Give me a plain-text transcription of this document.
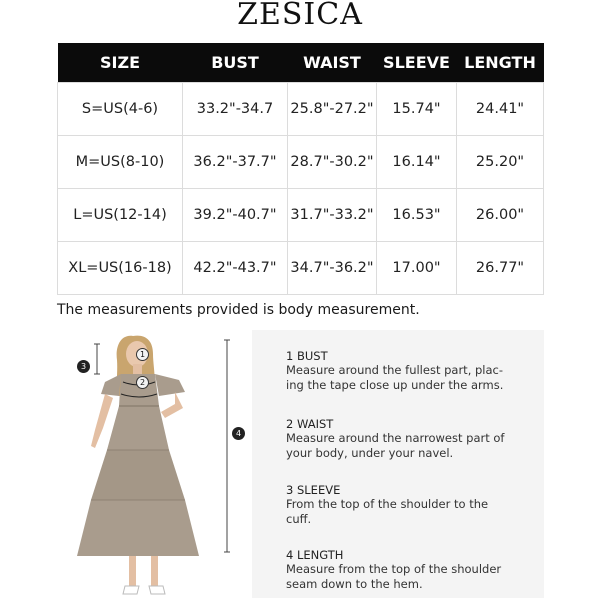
ZESICA
SIZE	BUST	WAIST	SLEEVE	LENGTH
S=US(4-6)	33.2"-34.7	25.8"-27.2"	15.74"	24.41"
M=US(8-10)	36.2"-37.7"	28.7"-30.2"	16.14"	25.20"
L=US(12-14)	39.2"-40.7"	31.7"-33.2"	16.53"	26.00"
XL=US(16-18)	42.2"-43.7"	34.7"-36.2"	17.00"	26.77"
The measurements provided is body measurement.
1
2
3
4
1 BUST
Measure around the fullest part, plac-
ing the tape close up under the arms.
2 WAIST
Measure around the narrowest part of
your body, under your navel.
3 SLEEVE
From the top of the shoulder to the
cuff.
4 LENGTH
Measure from the top of the shoulder
seam down to the hem.
